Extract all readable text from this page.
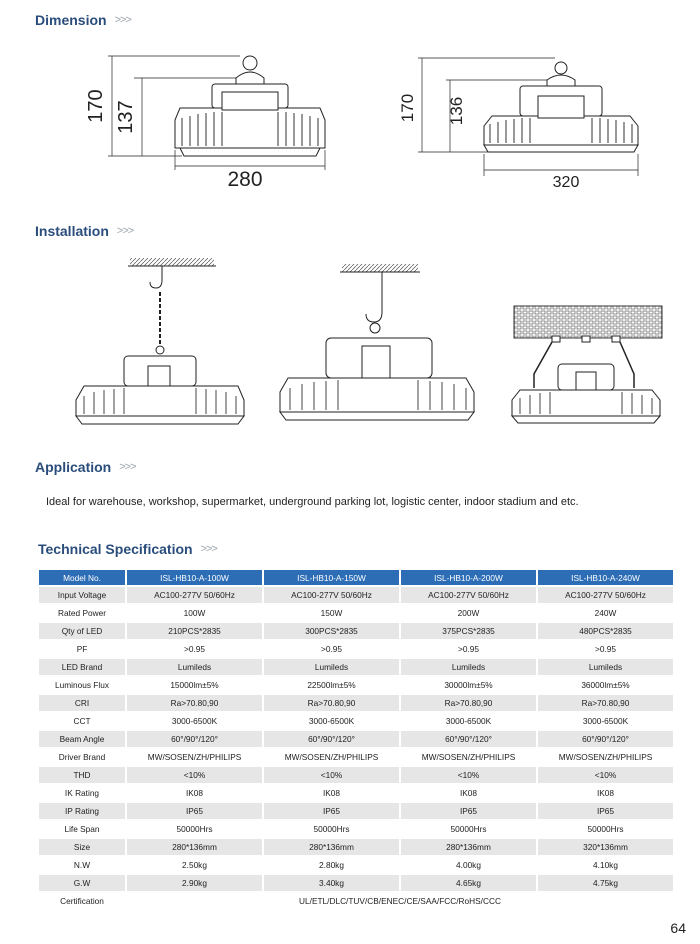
Dimension >>>
Installation >>>
Application >>>
Technical Specification >>>
170 137
280
170 136
320
Ideal for warehouse, workshop, supermarket, underground parking lot, logistic center, indoor stadium and etc.
Model No.	ISL-HB10-A-100W	ISL-HB10-A-150W	ISL-HB10-A-200W	ISL-HB10-A-240W
Input Voltage	AC100-277V 50/60Hz	AC100-277V 50/60Hz	AC100-277V 50/60Hz	AC100-277V 50/60Hz
Rated Power	100W	150W	200W	240W
Qty of LED	210PCS*2835	300PCS*2835	375PCS*2835	480PCS*2835
PF	>0.95	>0.95	>0.95	>0.95
LED Brand	Lumileds	Lumileds	Lumileds	Lumileds
Luminous Flux	15000lm±5%	22500lm±5%	30000lm±5%	36000lm±5%
CRI	Ra>70.80,90	Ra>70.80,90	Ra>70.80,90	Ra>70.80,90
CCT	3000-6500K	3000-6500K	3000-6500K	3000-6500K
Beam Angle	60°/90°/120°	60°/90°/120°	60°/90°/120°	60°/90°/120°
Driver Brand	MW/SOSEN/ZH/PHILIPS	MW/SOSEN/ZH/PHILIPS	MW/SOSEN/ZH/PHILIPS	MW/SOSEN/ZH/PHILIPS
THD	<10%	<10%	<10%	<10%
IK Rating	IK08	IK08	IK08	IK08
IP Rating	IP65	IP65	IP65	IP65
Life Span	50000Hrs	50000Hrs	50000Hrs	50000Hrs
Size	280*136mm	280*136mm	280*136mm	320*136mm
N.W	2.50kg	2.80kg	4.00kg	4.10kg
G.W	2.90kg	3.40kg	4.65kg	4.75kg
Certification	UL/ETL/DLC/TUV/CB/ENEC/CE/SAA/FCC/RoHS/CCC			
64
